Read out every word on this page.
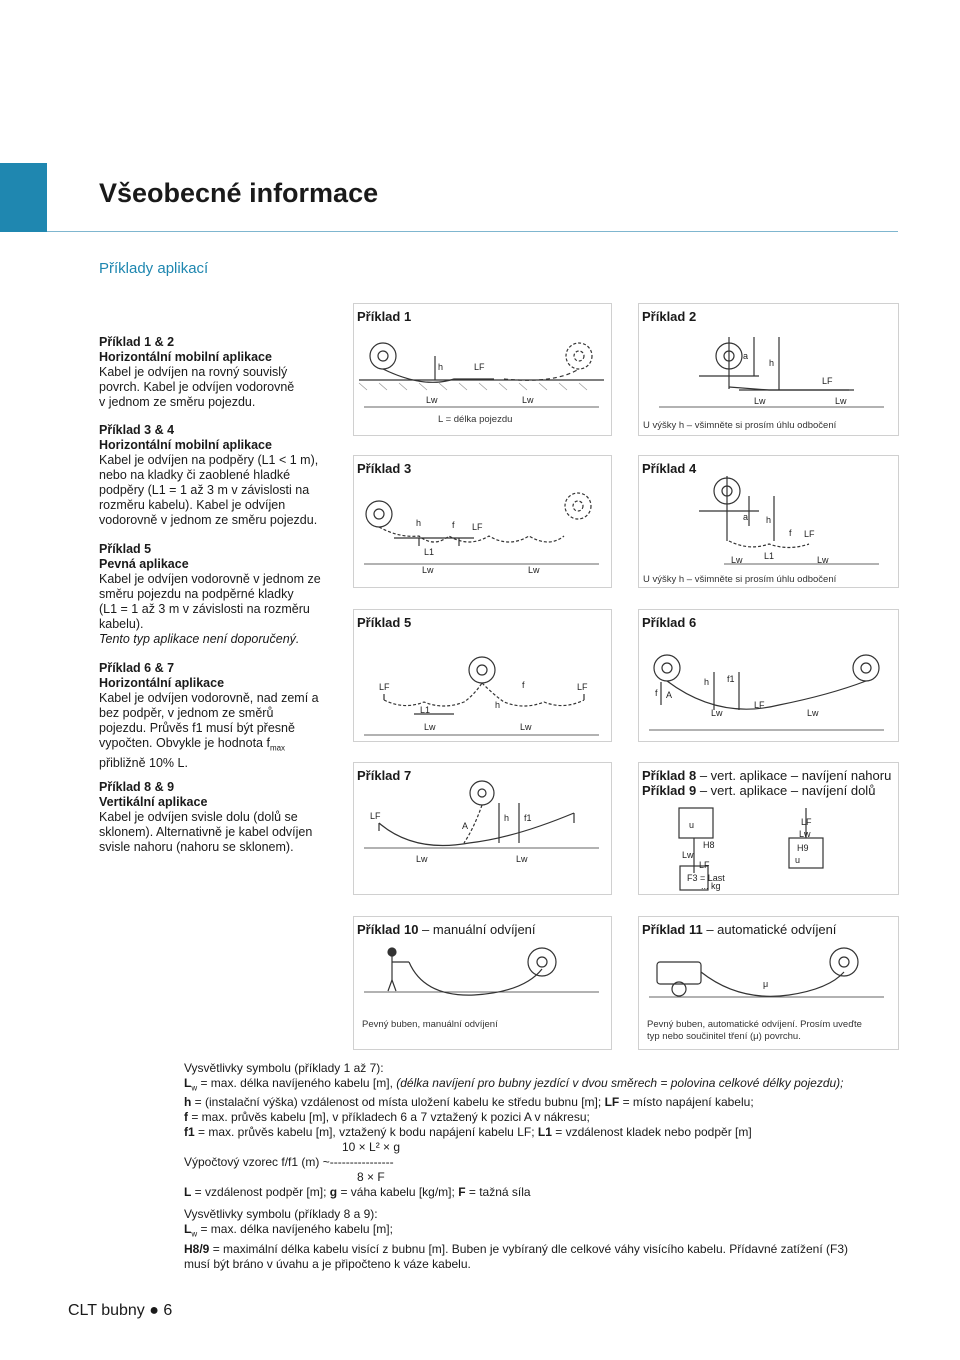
Všeobecné informace
Příklady aplikací
Příklad 1 & 2
Horizontální mobilní aplikace
Kabel je odvíjen na rovný souvislý
povrch. Kabel je odvíjen vodorovně
v jednom ze směru pojezdu.
Příklad 3 & 4
Horizontální mobilní aplikace
Kabel je odvíjen na podpěry (L1 < 1 m),
nebo na kladky či zaoblené hladké
podpěry (L1 = 1 až 3 m v závislosti na
rozměru kabelu). Kabel je odvíjen
vodorovně v jednom ze směru pojezdu.
Příklad 5
Pevná aplikace
Kabel je odvíjen vodorovně v jednom ze
směru pojezdu na podpěrné kladky
(L1 = 1 až 3 m v závislosti na rozměru
kabelu).
Tento typ aplikace není doporučený.
Příklad 6 & 7
Horizontální aplikace
Kabel je odvíjen vodorovně, nad zemí a
bez podpěr, v jednom ze směrů
pojezdu. Průvěs f1 musí být přesně
vypočten. Obvykle je hodnota $f_{max}$
přibližně 10% L.
Příklad 8 & 9
Vertikální aplikace
Kabel je odvíjen svisle dolu (dolů se
sklonem). Alternativně je kabel odvíjen
svisle nahoru (nahoru se sklonem).
Příklad 1
h	LF
Lw	Lw
L = délka pojezdu
Příklad 2
a
h
LF
Lw	Lw
U výšky h – všimněte si prosím úhlu odbočení
Příklad 3
h	f LF
L1
Lw	Lw
Příklad 4
a h
f LF
L1
Lw	Lw
U výšky h – všimněte si prosím úhlu odbočení
Příklad 5
LF	f	LF
L1	h
Lw	Lw
Příklad 6
f A
h f1
LF
Lw	Lw
Příklad 7
LF
A
h f1
Lw	Lw
Příklad 8 – vert. aplikace – navíjení nahoru
Příklad 9 – vert. aplikace – navíjení dolů
u
H8
Lw
LF
F3 = Last
... kg
LF
Lw
H9
u
Příklad 10 – manuální odvíjení
Pevný buben, manuální odvíjení
Příklad 11 – automatické odvíjení
μ
Pevný buben, automatické odvíjení. Prosím uveďte
typ nebo součinitel tření (μ) povrchu.
Vysvětlivky symbolu (příklady 1 až 7):
$L_w = \max$. délka navíjeného kabelu [m], (délka navíjení pro bubny jezdící v dvou směrech = polovina celkové délky pojezdu);
h = (instalační výška) vzdálenost od místa uložení kabelu ke středu bubnu [m]; LF = místo napájení kabelu;
f = max. průvěs kabelu [m], v příkladech 6 a 7 vztažený k pozici A v nákresu;
f1 = max. průvěs kabelu [m], vztažený k bodu napájení kabelu LF; L1 = vzdálenost kladek nebo podpěr [m]
10 × L² × g
Výpočtový vzorec f/f1 (m) ~----------------
8 × F
L = vzdálenost podpěr [m]; g = váha kabelu [kg/m]; F = tažná síla
Vysvětlivky symbolu (příklady 8 a 9):
$L_w = \max$. délka navíjeného kabelu [m];
H8/9 = maximální délka kabelu visící z bubnu [m]. Buben je vybíraný dle celkové váhy visícího kabelu. Přídavné zatížení (F3)
musí být bráno v úvahu a je připočteno k váze kabelu.
CLT bubny ● 6
